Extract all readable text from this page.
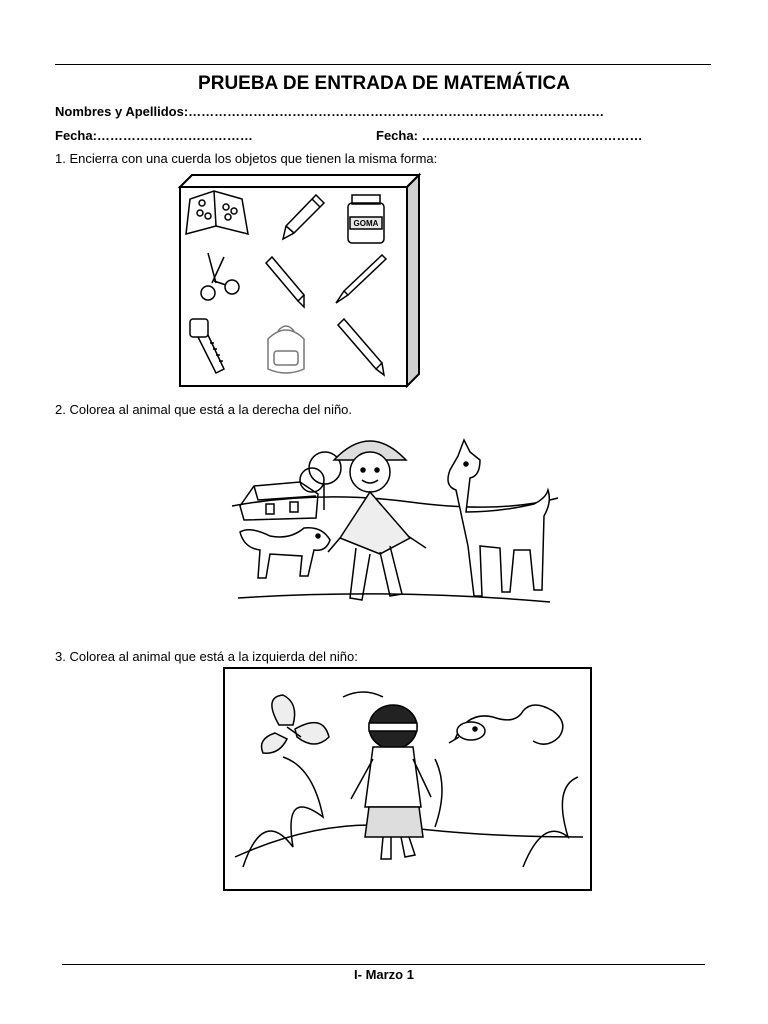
PRUEBA DE ENTRADA DE MATEMÁTICA
Nombres y Apellidos:……………………………………………………………………………………
Fecha:………………………………	Fecha: ……………………………………………
1. Encierra con una cuerda los objetos que tienen la misma forma:
GOMA
2. Colorea al animal que está a la derecha del niño.
3. Colorea al animal que está a la izquierda del niño:
I- Marzo 1
